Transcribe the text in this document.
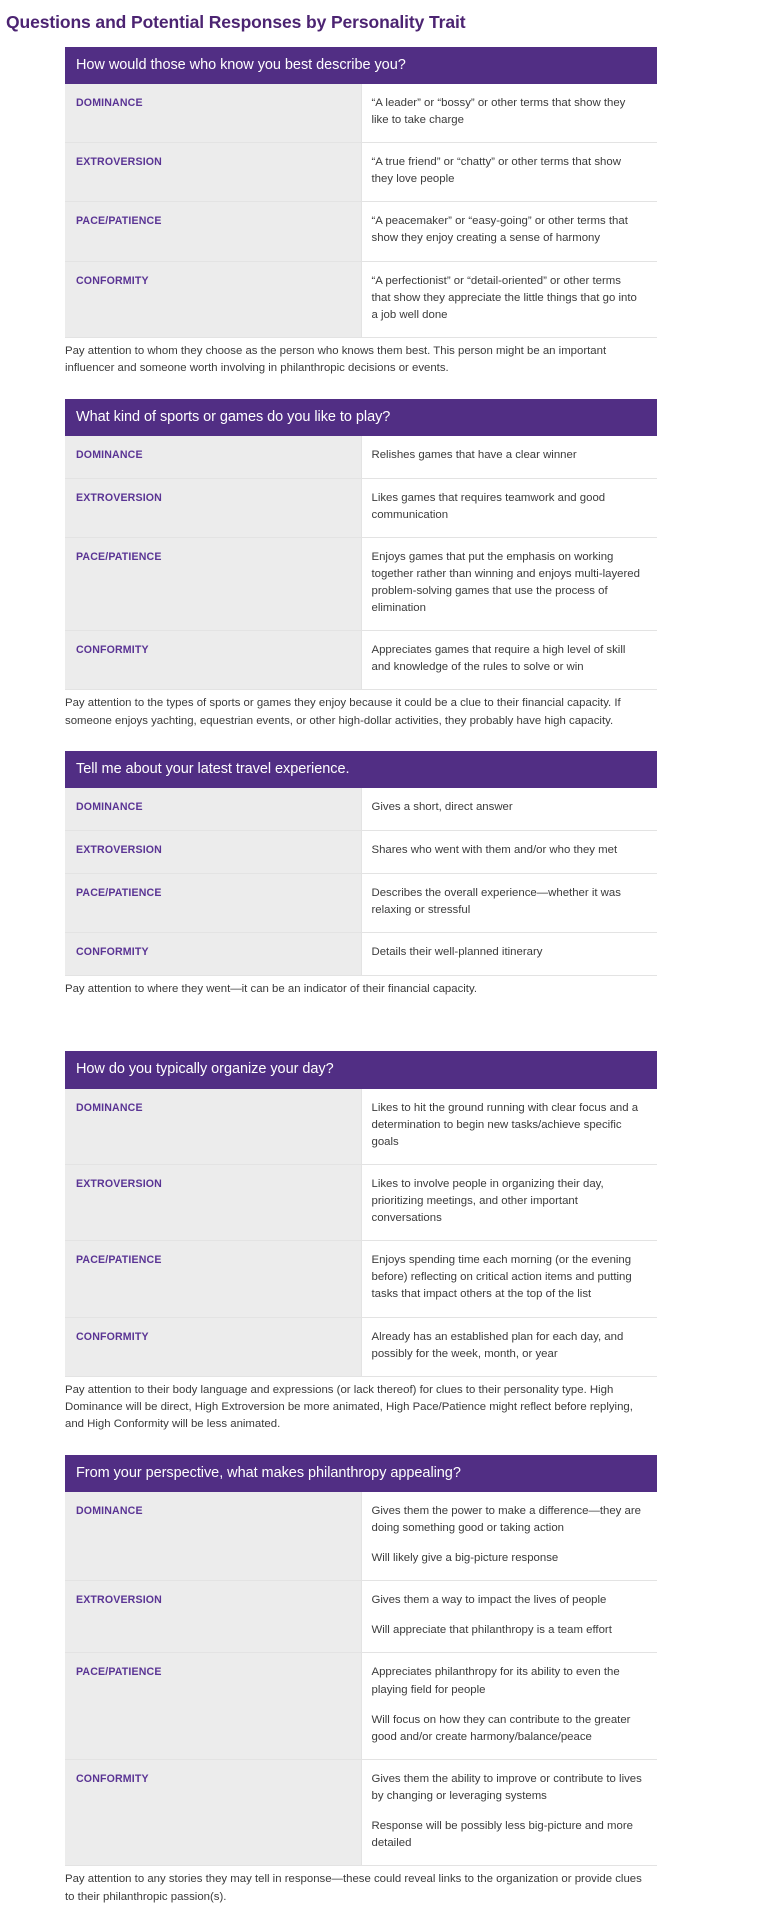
Questions and Potential Responses by Personality Trait
How would those who know you best describe you?	
DOMINANCE	“A leader” or “bossy” or other terms that show they like to take charge

EXTROVERSION	“A true friend” or “chatty” or other terms that show they love people

PACE/PATIENCE	“A peacemaker” or “easy-going” or other terms that show they enjoy creating a sense of harmony

CONFORMITY	“A perfectionist” or “detail-oriented” or other terms that show they appreciate the little things that go into a job well done

Pay attention to whom they choose as the person who knows them best. This person might be an important influencer and someone worth involving in philanthropic decisions or events.

What kind of sports or games do you like to play?	
DOMINANCE	Relishes games that have a clear winner

EXTROVERSION	Likes games that requires teamwork and good communication

PACE/PATIENCE	Enjoys games that put the emphasis on working together rather than winning and enjoys multi-layered problem-solving games that use the process of elimination

CONFORMITY	Appreciates games that require a high level of skill and knowledge of the rules to solve or win

Pay attention to the types of sports or games they enjoy because it could be a clue to their financial capacity. If someone enjoys yachting, equestrian events, or other high-dollar activities, they probably have high capacity.

Tell me about your latest travel experience.	
DOMINANCE	Gives a short, direct answer

EXTROVERSION	Shares who went with them and/or who they met

PACE/PATIENCE	Describes the overall experience—whether it was relaxing or stressful

CONFORMITY	Details their well-planned itinerary

Pay attention to where they went—it can be an indicator of their financial capacity.

How do you typically organize your day?	
DOMINANCE	Likes to hit the ground running with clear focus and a determination to begin new tasks/achieve specific goals

EXTROVERSION	Likes to involve people in organizing their day, prioritizing meetings, and other important conversations

PACE/PATIENCE	Enjoys spending time each morning (or the evening before) reflecting on critical action items and putting tasks that impact others at the top of the list

CONFORMITY	Already has an established plan for each day, and possibly for the week, month, or year

Pay attention to their body language and expressions (or lack thereof) for clues to their personality type. High Dominance will be direct, High Extroversion be more animated, High Pace/Patience might reflect before replying, and High Conformity will be less animated.

From your perspective, what makes philanthropy appealing?	
DOMINANCE	Gives them the power to make a difference—they are doing something good or taking action

Will likely give a big-picture response

EXTROVERSION	Gives them a way to impact the lives of people

Will appreciate that philanthropy is a team effort

PACE/PATIENCE	Appreciates philanthropy for its ability to even the playing field for people

Will focus on how they can contribute to the greater good and/or create harmony/balance/peace

CONFORMITY	Gives them the ability to improve or contribute to lives by changing or leveraging systems

Response will be possibly less big-picture and more detailed

Pay attention to any stories they may tell in response—these could reveal links to the organization or provide clues to their philanthropic passion(s).
